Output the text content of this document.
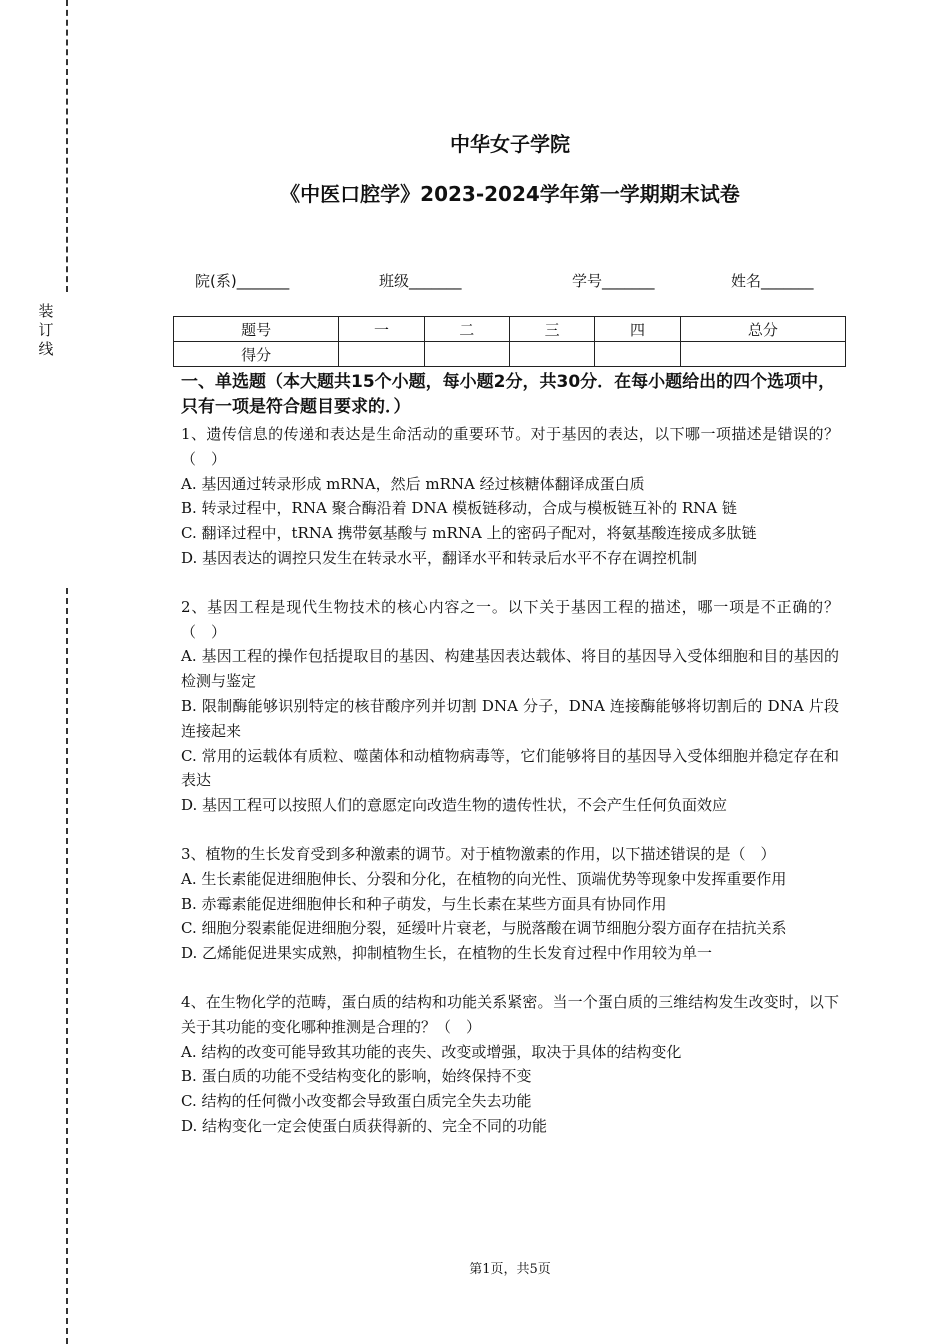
装订线
中华女子学院
《中医口腔学》2023-2024学年第一学期期末试卷
院(系)_______	班级_______	学号_______	姓名_______
题号	一	二	三	四	总分
得分					
一、单选题（本大题共15个小题，每小题2分，共30分．在每小题给出的四个选项中，只有一项是符合题目要求的．）

1、遗传信息的传递和表达是生命活动的重要环节。对于基因的表达，以下哪一项描述是错误的？（　）

A. 基因通过转录形成 mRNA，然后 mRNA 经过核糖体翻译成蛋白质

B. 转录过程中，RNA 聚合酶沿着 DNA 模板链移动，合成与模板链互补的 RNA 链

C. 翻译过程中，tRNA 携带氨基酸与 mRNA 上的密码子配对，将氨基酸连接成多肽链

D. 基因表达的调控只发生在转录水平，翻译水平和转录后水平不存在调控机制

2、基因工程是现代生物技术的核心内容之一。以下关于基因工程的描述，哪一项是不正确的？（　）

A. 基因工程的操作包括提取目的基因、构建基因表达载体、将目的基因导入受体细胞和目的基因的检测与鉴定

B. 限制酶能够识别特定的核苷酸序列并切割 DNA 分子，DNA 连接酶能够将切割后的 DNA 片段连接起来

C. 常用的运载体有质粒、噬菌体和动植物病毒等，它们能够将目的基因导入受体细胞并稳定存在和表达

D. 基因工程可以按照人们的意愿定向改造生物的遗传性状，不会产生任何负面效应

3、植物的生长发育受到多种激素的调节。对于植物激素的作用，以下描述错误的是（　）

A. 生长素能促进细胞伸长、分裂和分化，在植物的向光性、顶端优势等现象中发挥重要作用

B. 赤霉素能促进细胞伸长和种子萌发，与生长素在某些方面具有协同作用

C. 细胞分裂素能促进细胞分裂，延缓叶片衰老，与脱落酸在调节细胞分裂方面存在拮抗关系

D. 乙烯能促进果实成熟，抑制植物生长，在植物的生长发育过程中作用较为单一

4、在生物化学的范畴，蛋白质的结构和功能关系紧密。当一个蛋白质的三维结构发生改变时，以下关于其功能的变化哪种推测是合理的？（　）

A. 结构的改变可能导致其功能的丧失、改变或增强，取决于具体的结构变化

B. 蛋白质的功能不受结构变化的影响，始终保持不变

C. 结构的任何微小改变都会导致蛋白质完全失去功能

D. 结构变化一定会使蛋白质获得新的、完全不同的功能

第1页，共5页
